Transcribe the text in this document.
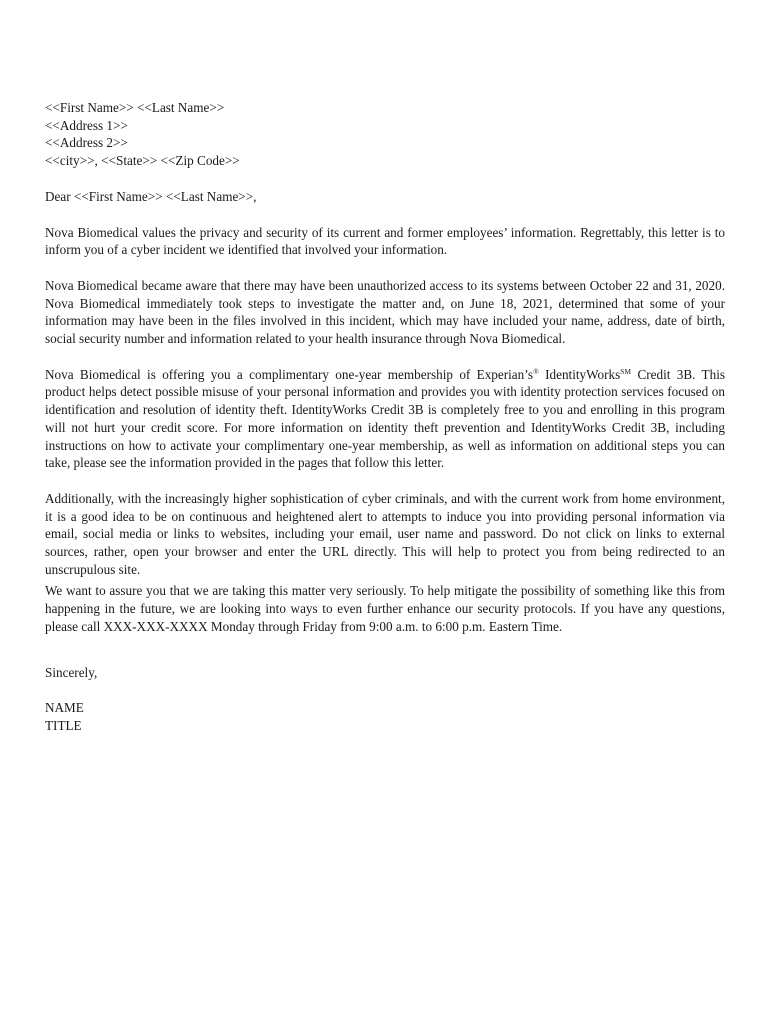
<<First Name>> <<Last Name>>

<<Address 1>>

<<Address 2>>

<<city>>, <<State>> <<Zip Code>>

Dear <<First Name>> <<Last Name>>,

Nova Biomedical values the privacy and security of its current and former employees’ information. Regrettably, this letter is to inform you of a cyber incident we identified that involved your information.

Nova Biomedical became aware that there may have been unauthorized access to its systems between October 22 and 31, 2020. Nova Biomedical immediately took steps to investigate the matter and, on June 18, 2021, determined that some of your information may have been in the files involved in this incident, which may have included your name, address, date of birth, social security number and information related to your health insurance through Nova Biomedical.

Nova Biomedical is offering you a complimentary one-year membership of Experian’s® IdentityWorks℠ Credit 3B. This product helps detect possible misuse of your personal information and provides you with identity protection services focused on identification and resolution of identity theft. IdentityWorks Credit 3B is completely free to you and enrolling in this program will not hurt your credit score. For more information on identity theft prevention and IdentityWorks Credit 3B, including instructions on how to activate your complimentary one-year membership, as well as information on additional steps you can take, please see the information provided in the pages that follow this letter.

Additionally, with the increasingly higher sophistication of cyber criminals, and with the current work from home environment, it is a good idea to be on continuous and heightened alert to attempts to induce you into providing personal information via email, social media or links to websites, including your email, user name and password. Do not click on links to external sources, rather, open your browser and enter the URL directly. This will help to protect you from being redirected to an unscrupulous site.

We want to assure you that we are taking this matter very seriously. To help mitigate the possibility of something like this from happening in the future, we are looking into ways to even further enhance our security protocols. If you have any questions, please call XXX-XXX-XXXX Monday through Friday from 9:00 a.m. to 6:00 p.m. Eastern Time.

Sincerely,

NAME

TITLE
